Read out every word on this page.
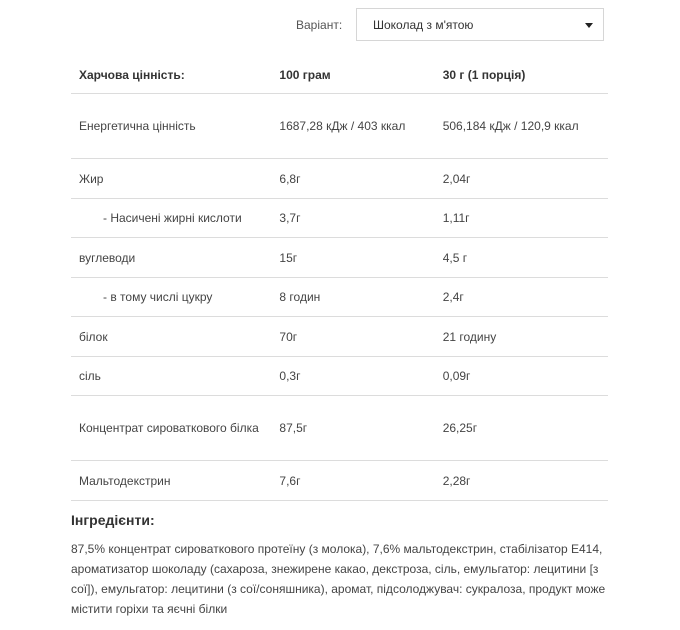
Варіант:	Шоколад з м'ятою
Харчова цінність:	100 грам	30 г (1 порція)
Енергетична цінність	1687,28 кДж / 403 ккал	506,184 кДж / 120,9 ккал
Жир	6,8г	2,04г
- Насичені жирні кислоти	3,7г	1,11г
вуглеводи	15г	4,5 г
- в тому числі цукру	8 годин	2,4г
білок	70г	21 годину
сіль	0,3г	0,09г
Концентрат сироваткового білка	87,5г	26,25г
Мальтодекстрин	7,6г	2,28г
Інгредієнти:
87,5% концентрат сироваткового протеїну (з молока), 7,6% мальтодекстрин, стабілізатор Е414, ароматизатор шоколаду (сахароза, знежирене какао, декстроза, сіль, емульгатор: лецитини [з сої]), емульгатор: лецитини (з сої/соняшника), аромат, підсолоджувач: сукралоза, продукт може містити горіхи та яєчні білки
